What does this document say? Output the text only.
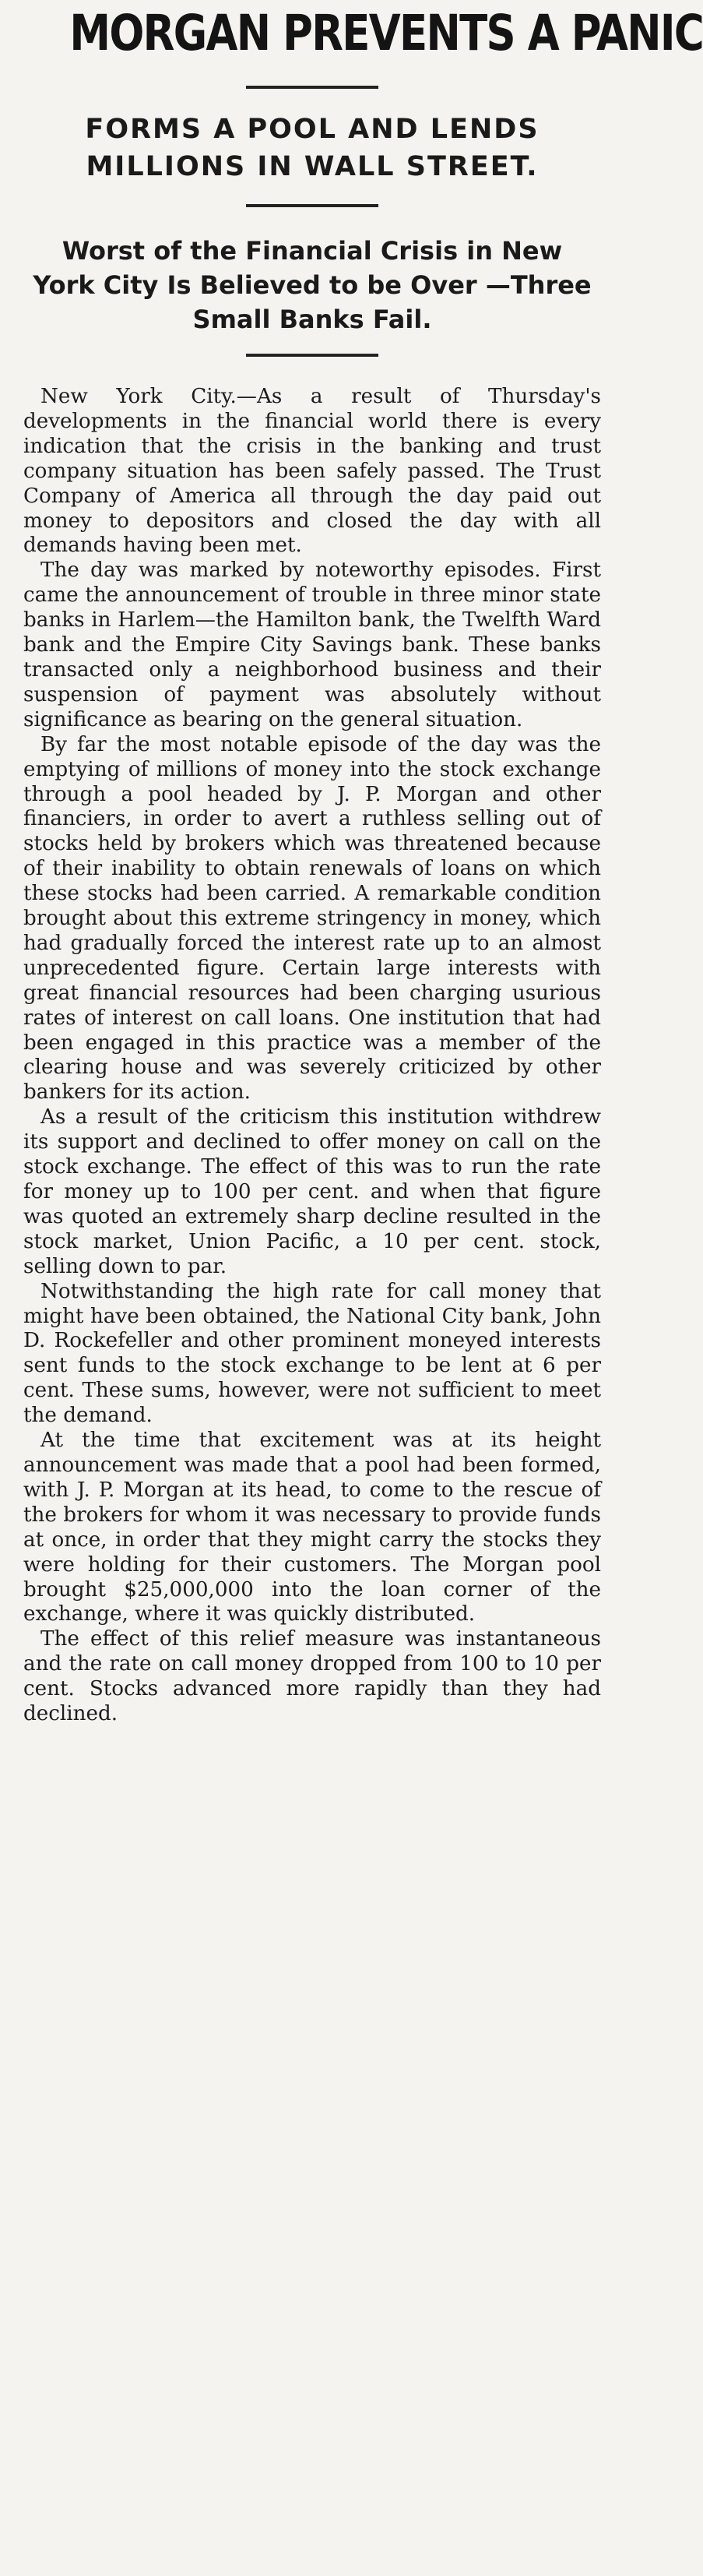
MORGAN PREVENTS A PANIC
FORMS A POOL AND LENDS MILLIONS IN WALL STREET.
Worst of the Financial Crisis in New York City Is Believed to be Over —Three Small Banks Fail.

New York City.—As a result of Thursday's developments in the financial world there is every indication that the crisis in the banking and trust company situation has been safely passed. The Trust Company of America all through the day paid out money to depositors and closed the day with all demands having been met.

The day was marked by noteworthy episodes. First came the announcement of trouble in three minor state banks in Harlem—the Hamilton bank, the Twelfth Ward bank and the Empire City Savings bank. These banks transacted only a neighborhood business and their suspension of payment was absolutely without significance as bearing on the general situation.

By far the most notable episode of the day was the emptying of millions of money into the stock exchange through a pool headed by J. P. Morgan and other financiers, in order to avert a ruthless selling out of stocks held by brokers which was threatened because of their inability to obtain renewals of loans on which these stocks had been carried. A remarkable condition brought about this extreme stringency in money, which had gradually forced the interest rate up to an almost unprecedented figure. Certain large interests with great financial resources had been charging usurious rates of interest on call loans. One institution that had been engaged in this practice was a member of the clearing house and was severely criticized by other bankers for its action.

As a result of the criticism this institution withdrew its support and declined to offer money on call on the stock exchange. The effect of this was to run the rate for money up to 100 per cent. and when that figure was quoted an extremely sharp decline resulted in the stock market, Union Pacific, a 10 per cent. stock, selling down to par.

Notwithstanding the high rate for call money that might have been obtained, the National City bank, John D. Rockefeller and other prominent moneyed interests sent funds to the stock exchange to be lent at 6 per cent. These sums, however, were not sufficient to meet the demand.

At the time that excitement was at its height announcement was made that a pool had been formed, with J. P. Morgan at its head, to come to the rescue of the brokers for whom it was necessary to provide funds at once, in order that they might carry the stocks they were holding for their customers. The Morgan pool brought $25,000,000 into the loan corner of the exchange, where it was quickly distributed.

The effect of this relief measure was instantaneous and the rate on call money dropped from 100 to 10 per cent. Stocks advanced more rapidly than they had declined.
